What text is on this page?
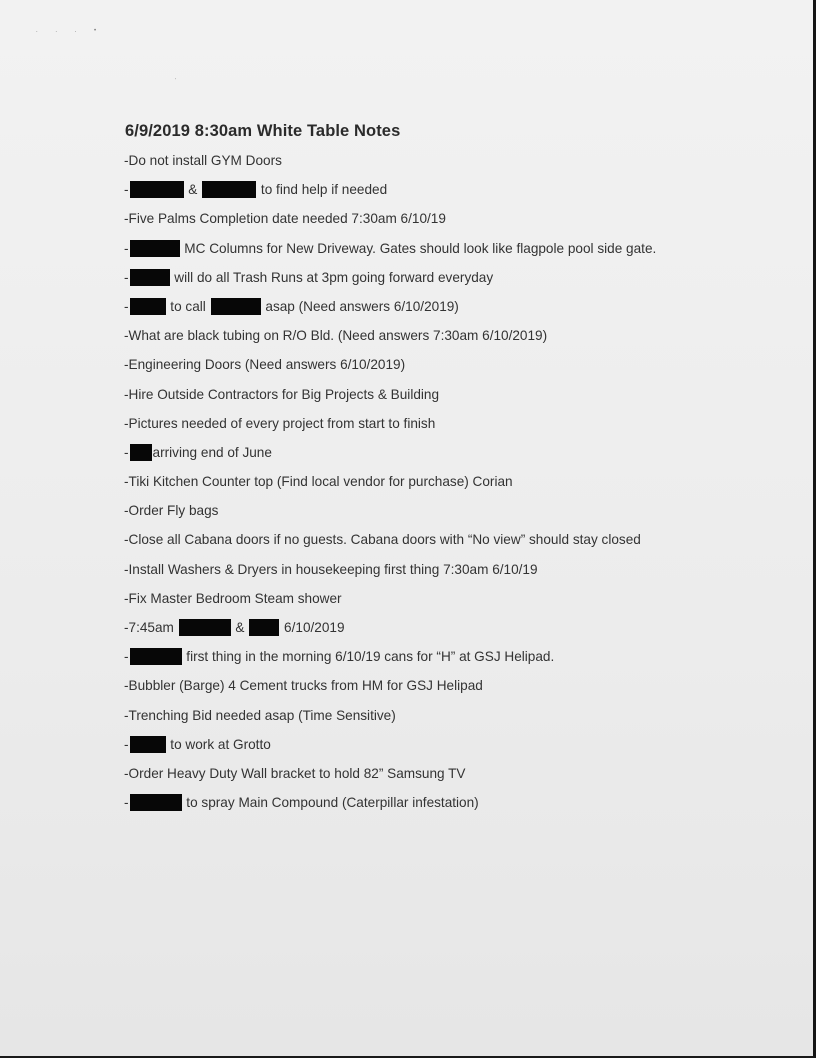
. . . •
'
6/9/2019 8:30am White Table Notes
-Do not install GYM Doors
-	&	to find help if needed
-Five Palms Completion date needed 7:30am 6/10/19
-	MC Columns for New Driveway. Gates should look like flagpole pool side gate.
-	will do all Trash Runs at 3pm going forward everyday
-	to call	asap (Need answers 6/10/2019)
-What are black tubing on R/O Bld. (Need answers 7:30am 6/10/2019)
-Engineering Doors (Need answers 6/10/2019)
-Hire Outside Contractors for Big Projects & Building
-Pictures needed of every project from start to finish
- arriving end of June
-Tiki Kitchen Counter top (Find local vendor for purchase) Corian
-Order Fly bags
-Close all Cabana doors if no guests. Cabana doors with “No view” should stay closed
-Install Washers & Dryers in housekeeping first thing 7:30am 6/10/19
-Fix Master Bedroom Steam shower
-7:45am	&  6/10/2019
-	first thing in the morning 6/10/19 cans for “H” at GSJ Helipad.
-Bubbler (Barge) 4 Cement trucks from HM for GSJ Helipad
-Trenching Bid needed asap (Time Sensitive)
-	to work at Grotto
-Order Heavy Duty Wall bracket to hold 82” Samsung TV
-	to spray Main Compound (Caterpillar infestation)
